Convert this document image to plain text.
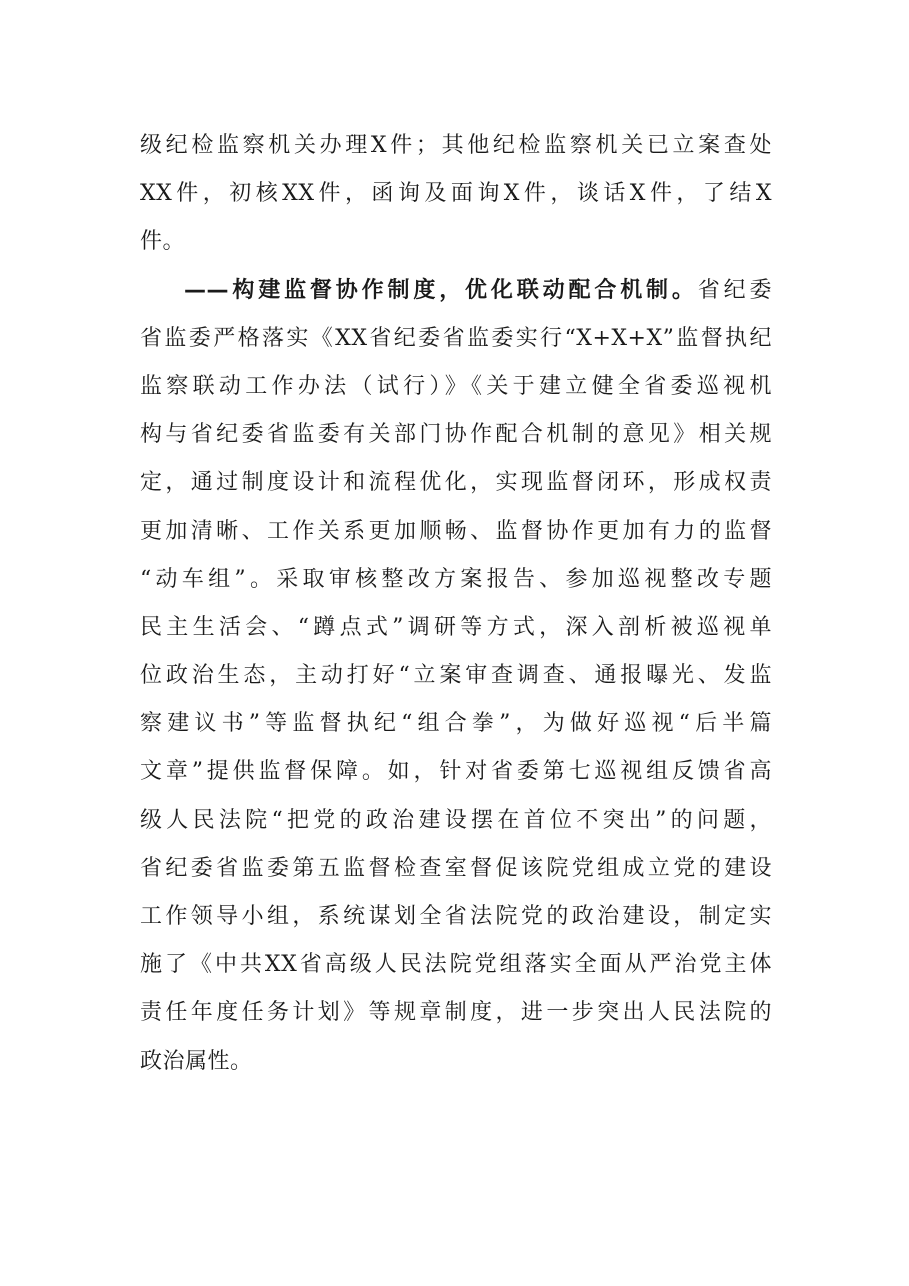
级纪检监察机关办理X件；其他纪检监察机关已立案查处
XX件，初核XX件，函询及面询X件，谈话X件，了结X
件。
——构建监督协作制度，优化联动配合机制。省纪委
省监委严格落实《XX省纪委省监委实行“X+X+X”监督执纪
监察联动工作办法（试行）》《关于建立健全省委巡视机
构与省纪委省监委有关部门协作配合机制的意见》相关规
定，通过制度设计和流程优化，实现监督闭环，形成权责
更加清晰、工作关系更加顺畅、监督协作更加有力的监督
“动车组”。采取审核整改方案报告、参加巡视整改专题
民主生活会、“蹲点式”调研等方式，深入剖析被巡视单
位政治生态，主动打好“立案审查调查、通报曝光、发监
察建议书”等监督执纪“组合拳”，为做好巡视“后半篇
文章”提供监督保障。如，针对省委第七巡视组反馈省高
级人民法院“把党的政治建设摆在首位不突出”的问题，
省纪委省监委第五监督检查室督促该院党组成立党的建设
工作领导小组，系统谋划全省法院党的政治建设，制定实
施了《中共XX省高级人民法院党组落实全面从严治党主体
责任年度任务计划》等规章制度，进一步突出人民法院的
政治属性。
